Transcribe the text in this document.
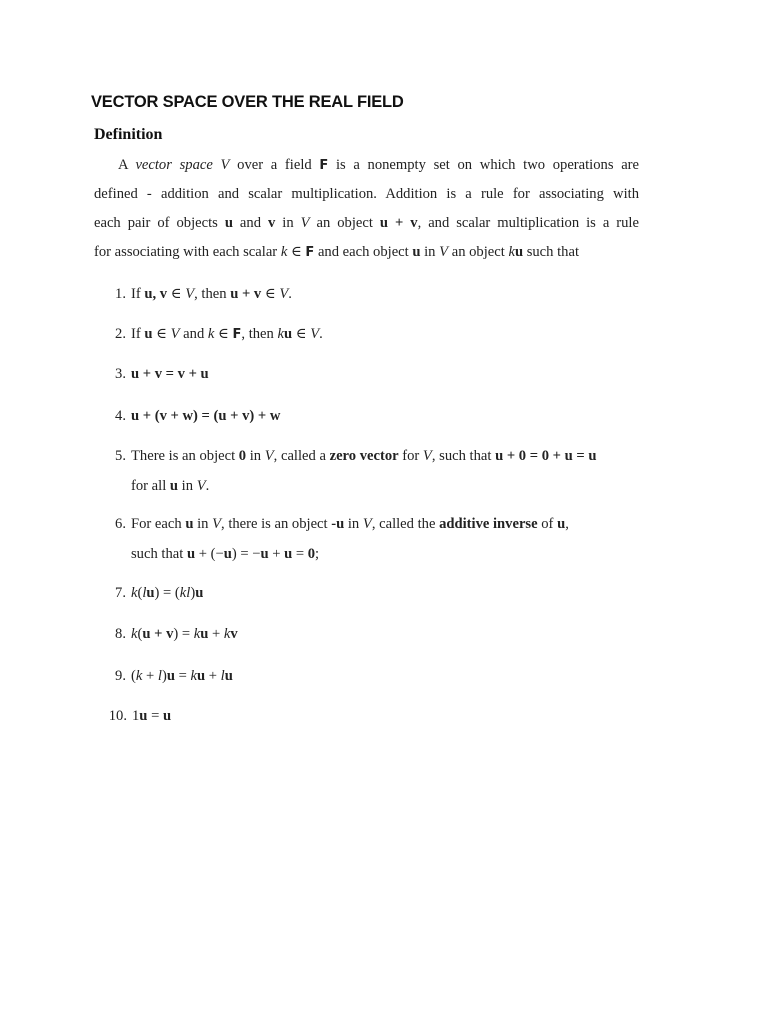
VECTOR SPACE OVER THE REAL FIELD
Definition
A vector space V over a field F is a nonempty set on which two operations are
defined - addition and scalar multiplication. Addition is a rule for associating with
each pair of objects u and v in V an object u + v, and scalar multiplication is a rule
for associating with each scalar k ∈ F and each object u in V an object ku such that
1. If u, v ∈ V, then u + v ∈ V.
2. If u ∈ V and k ∈ F, then ku ∈ V.
3. u + v = v + u
4. u + (v + w) = (u + v) + w
5. There is an object 0 in V, called a zero vector for V, such that u + 0 = 0 + u = u
for all u in V.
6. For each u in V, there is an object -u in V, called the additive inverse of u,
such that u + (−u) = −u + u = 0;
7. k(lu) = (kl)u
8. k(u + v) = ku + kv
9. (k + l)u = ku + lu
10. 1u = u
